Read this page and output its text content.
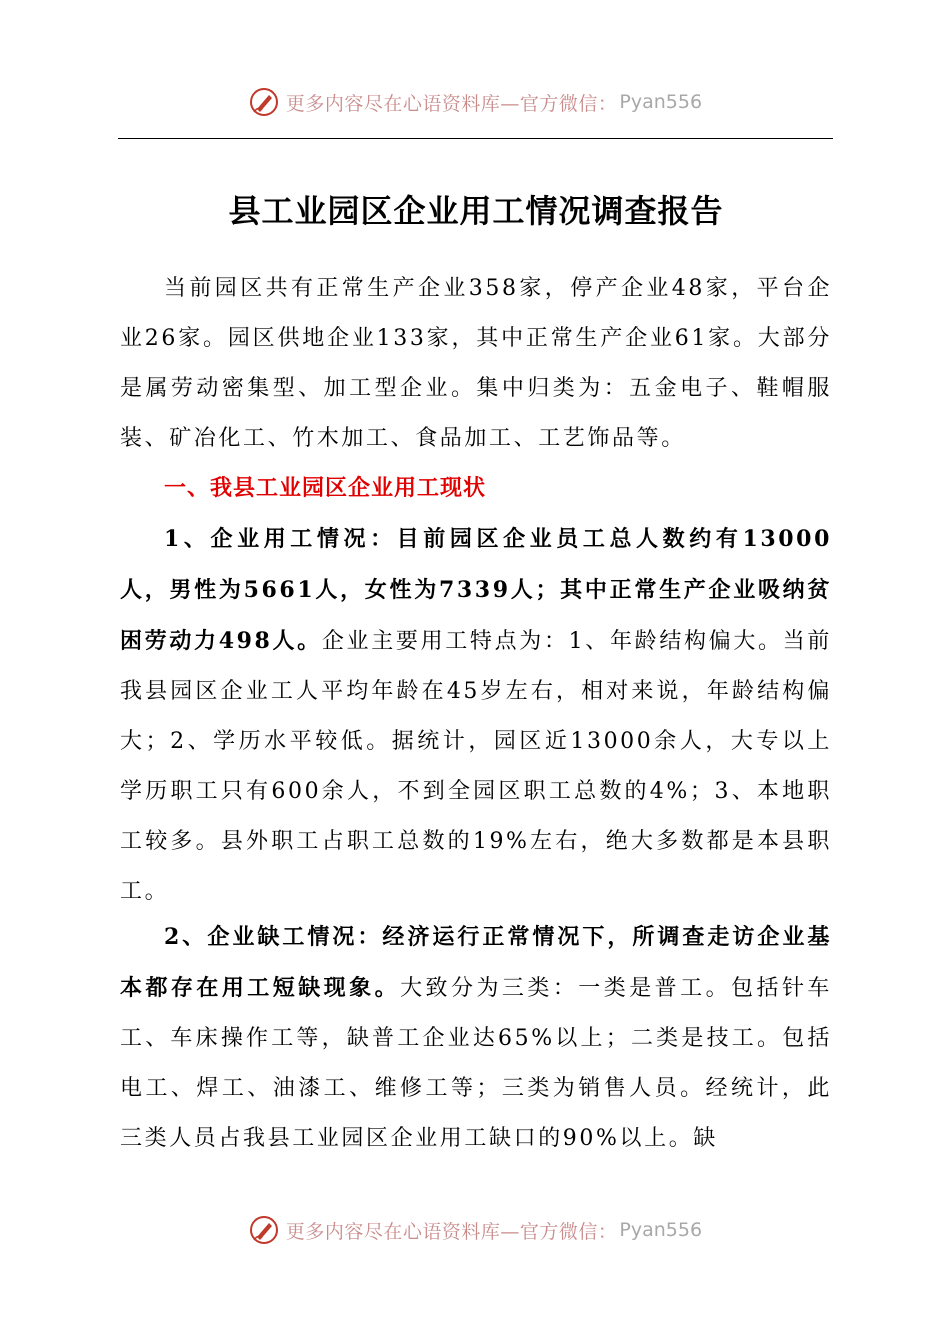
更多内容尽在心语资料库—官方微信： Pyan556
县工业园区企业用工情况调查报告

当前园区共有正常生产企业358家，停产企业48家，平台企业26家。园区供地企业133家，其中正常生产企业61家。大部分是属劳动密集型、加工型企业。集中归类为：五金电子、鞋帽服装、矿冶化工、竹木加工、食品加工、工艺饰品等。

一、我县工业园区企业用工现状

1、企业用工情况：目前园区企业员工总人数约有13000人，男性为5661人，女性为7339人；其中正常生产企业吸纳贫困劳动力498人。企业主要用工特点为：1、年龄结构偏大。当前我县园区企业工人平均年龄在45岁左右，相对来说，年龄结构偏大；2、学历水平较低。据统计，园区近13000余人，大专以上学历职工只有600余人，不到全园区职工总数的4%；3、本地职工较多。县外职工占职工总数的19%左右，绝大多数都是本县职工。

2、企业缺工情况：经济运行正常情况下，所调查走访企业基本都存在用工短缺现象。大致分为三类：一类是普工。包括针车工、车床操作工等，缺普工企业达65%以上；二类是技工。包括电工、焊工、油漆工、维修工等；三类为销售人员。经统计，此三类人员占我县工业园区企业用工缺口的90%以上。缺

更多内容尽在心语资料库—官方微信： Pyan556
